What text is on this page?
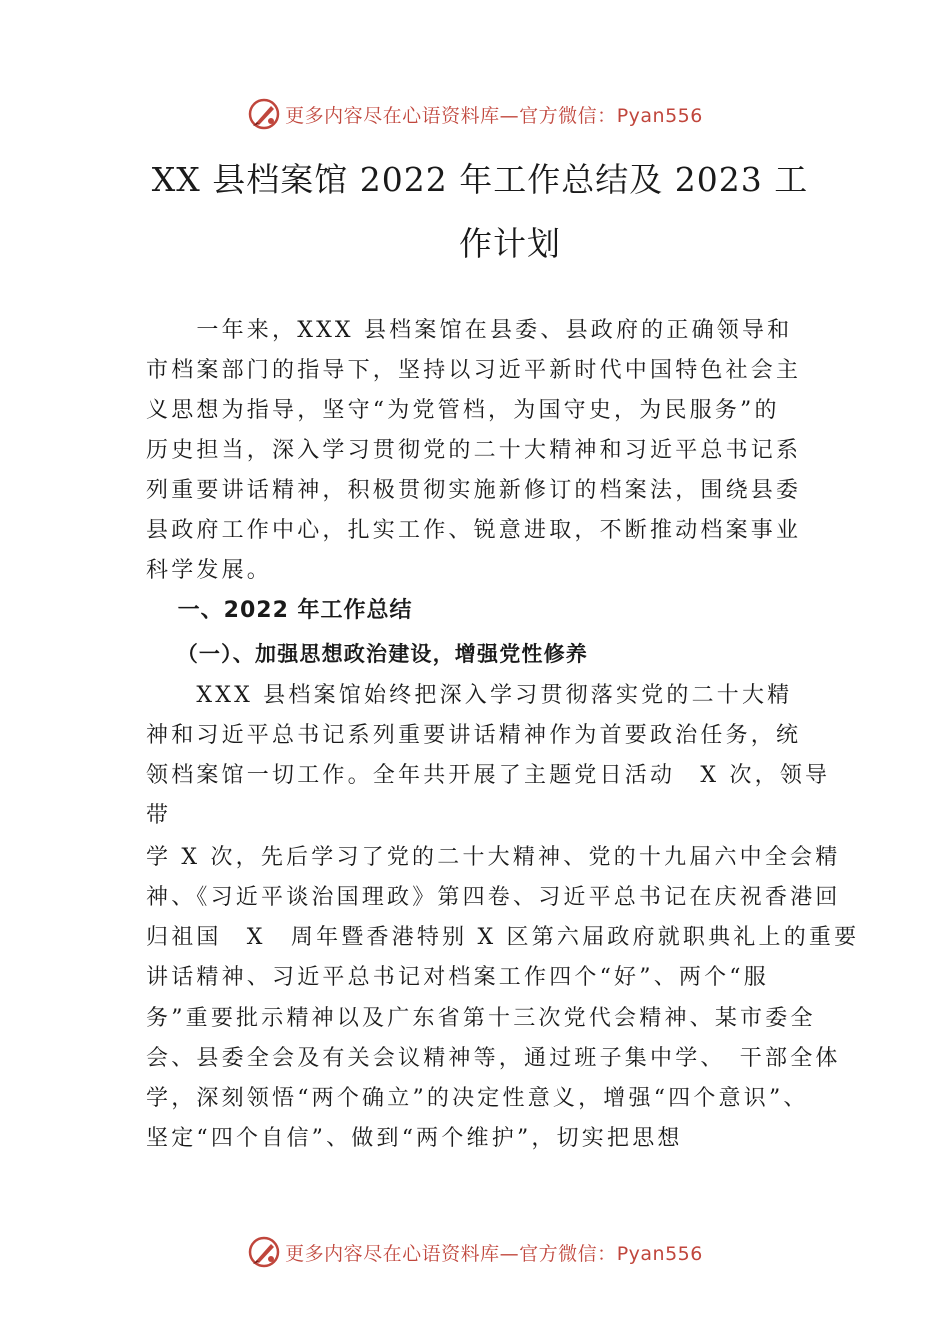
更多内容尽在心语资料库—官方微信：Pyan556
XX 县档案馆 2022 年工作总结及 2023 工
作计划
　　一年来，XXX 县档案馆在县委、县政府的正确领导和
市档案部门的指导下，坚持以习近平新时代中国特色社会主
义思想为指导，坚守“为党管档，为国守史，为民服务”的
历史担当，深入学习贯彻党的二十大精神和习近平总书记系
列重要讲话精神，积极贯彻实施新修订的档案法，围绕县委
县政府工作中心，扎实工作、锐意进取，不断推动档案事业
科学发展。
　 一、2022 年工作总结
　 （一）、加强思想政治建设，增强党性修养
　　XXX 县档案馆始终把深入学习贯彻落实党的二十大精
神和习近平总书记系列重要讲话精神作为首要政治任务，统
领档案馆一切工作。全年共开展了主题党日活动　X 次，领导
带
学 X 次，先后学习了党的二十大精神、党的十九届六中全会精
神、《习近平谈治国理政》第四卷、习近平总书记在庆祝香港回
归祖国　X　周年暨香港特别 X 区第六届政府就职典礼上的重要
讲话精神、习近平总书记对档案工作四个“好”、两个“服
务”重要批示精神以及广东省第十三次党代会精神、某市委全
会、县委全会及有关会议精神等，通过班子集中学、　干部全体
学，深刻领悟“两个确立”的决定性意义，增强“四个意识”、
坚定“四个自信”、做到“两个维护”，切实把思想
更多内容尽在心语资料库—官方微信：Pyan556
